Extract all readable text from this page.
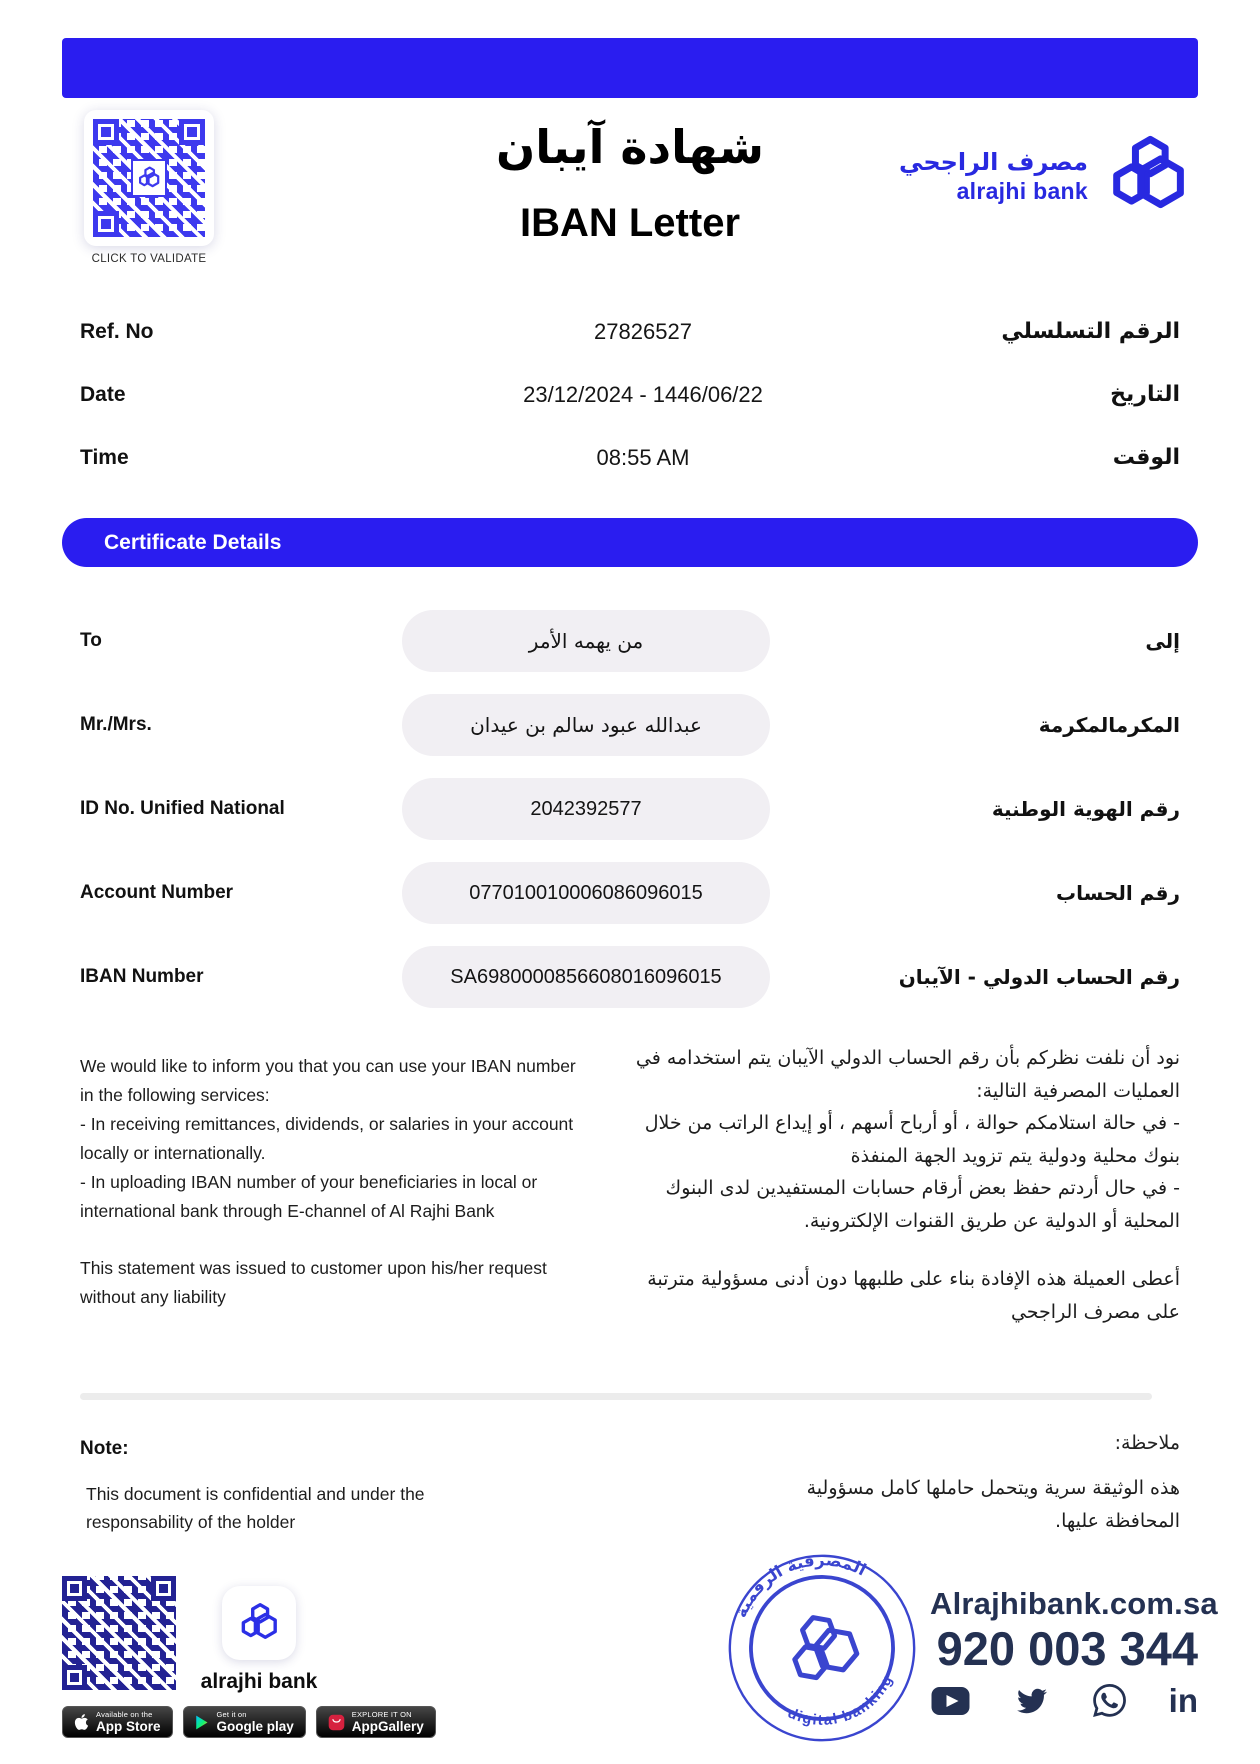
CLICK TO VALIDATE
شهادة آيبان
IBAN Letter
مصرف الراجحي
alrajhi bank
Ref. No	27826527	الرقم التسلسلي
Date	23/12/2024 - 1446/06/22	التاريخ
Time	08:55 AM	الوقت
Certificate Details
To	من يهمه الأمر	إلى
Mr./Mrs.	عبدالله عبود سالم بن عيدان	المكرمالمكرمة
ID No. Unified National	2042392577	رقم الهوية الوطنية
Account Number	077010010006086096015	رقم الحساب
IBAN Number	SA6980000856608016096015	رقم الحساب الدولي - الآيبان

We would like to inform you that you can use your IBAN number in the following services:

- In receiving remittances, dividends, or salaries in your account locally or internationally.

- In uploading IBAN number of your beneficiaries in local or international bank through E-channel of Al Rajhi Bank

This statement was issued to customer upon his/her request without any liability

نود أن نلفت نظركم بأن رقم الحساب الدولي الآيبان يتم استخدامه في العمليات المصرفية التالية:

- في حالة استلامكم حوالة ، أو أرباح أسهم ، أو إيداع الراتب من خلال بنوك محلية ودولية يتم تزويد الجهة المنفذة

- في حال أردتم حفظ بعض أرقام حسابات المستفيدين لدى البنوك المحلية أو الدولية عن طريق القنوات الإلكترونية.

أعطى العميلة هذه الإفادة بناء على طلبهها دون أدنى مسؤولية مترتبة على مصرف الراجحي

Note:	ملاحظة:
This document is confidential and under the responsability of the holder
هذه الوثيقة سرية ويتحمل حاملها كامل مسؤولية المحافظة عليها.
alrajhi bank
Available on the
App Store
Get it on
Google play
EXPLORE IT ON
AppGallery
المصرفية الرقمية
digital banking
Alrajhibank.com.sa
920 003 344
in
